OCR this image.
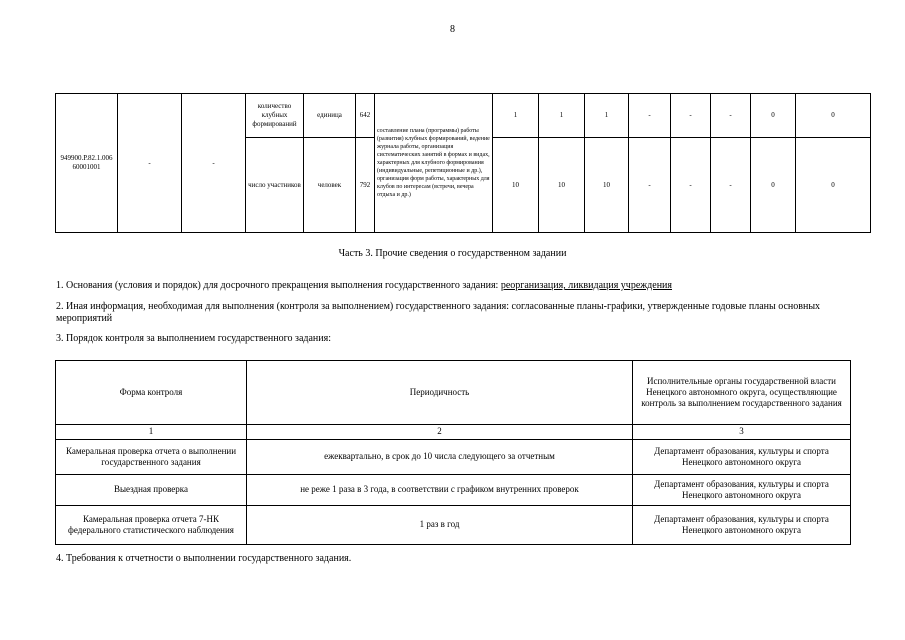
8
949900.Р.82.1.006 60001001	-	-	количество клубных формирований	единица	642	составление плана (программы) работы (развития) клубных формирований, ведение журнала работы, организация систематических занятий в формах и видах, характерных для клубного формирования (индивидуальные, репетиционные и др.), организация форм работы, характерных для клубов по интересам (встречи, вечера отдыха и др.)	1	1	1	-	-	-	0	0
			число участников	человек	792		10	10	10	-	-	-	0	0
Часть 3. Прочие сведения о государственном задании
1. Основания (условия и порядок) для досрочного прекращения выполнения государственного задания: реорганизация, ликвидация учреждения
2. Иная информация, необходимая для выполнения (контроля за выполнением) государственного задания: согласованные планы-графики, утвержденные годовые планы основных мероприятий
3. Порядок контроля за выполнением государственного задания:
Форма контроля	Периодичность	Исполнительные органы государственной власти Ненецкого автономного округа, осуществляющие контроль за выполнением государственного задания
1	2	3
Камеральная проверка отчета о выполнении государственного задания	ежеквартально, в срок до 10 числа следующего за отчетным	Департамент образования, культуры и спорта Ненецкого автономного округа
Выездная проверка	не реже 1 раза в 3 года, в соответствии с графиком внутренних проверок	Департамент образования, культуры и спорта Ненецкого автономного округа
Камеральная проверка отчета 7-НК федерального статистического наблюдения	1 раз в год	Департамент образования, культуры и спорта Ненецкого автономного округа
4. Требования к отчетности о выполнении государственного задания.
